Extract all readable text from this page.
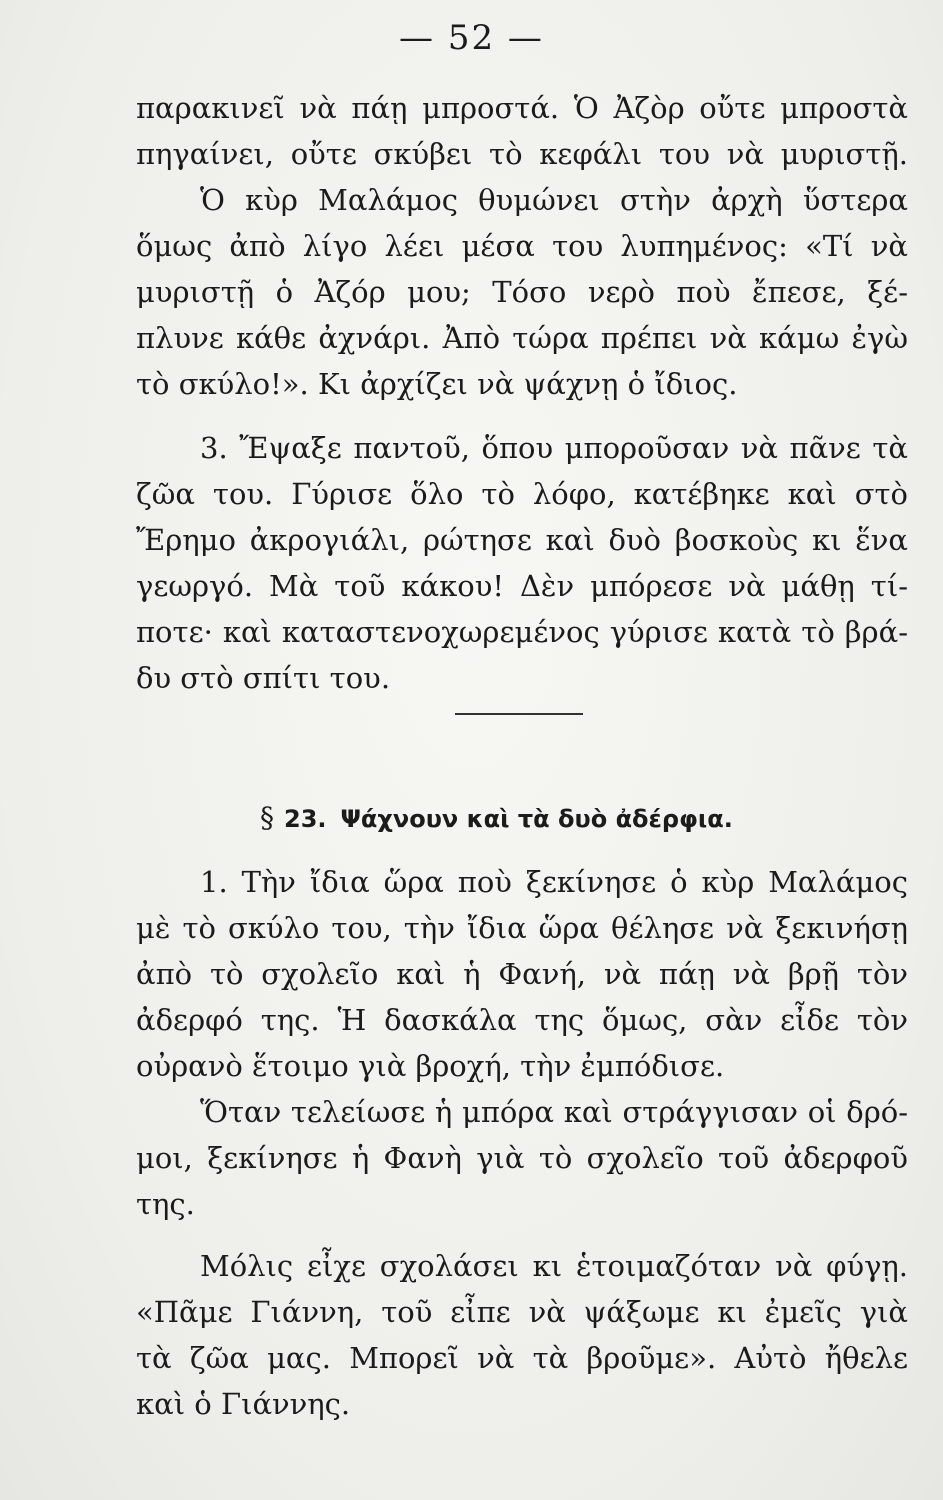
— 52 —
παρακινεῖ νὰ πάῃ μπροστά. Ὁ Ἀζὸρ οὔτε μπροστὰ
πηγαίνει, οὔτε σκύβει τὸ κεφάλι του νὰ μυριστῇ.
Ὁ κὺρ Μαλάμος θυμώνει στὴν ἀρχὴ ὕστερα
ὅμως ἀπὸ λίγο λέει μέσα του λυπημένος: «Τί νὰ
μυριστῇ ὁ Ἀζόρ μου; Τόσο νερὸ ποὺ ἔπεσε, ξέ-
πλυνε κάθε ἀχνάρι. Ἀπὸ τώρα πρέπει νὰ κάμω ἐγὼ
τὸ σκύλο!». Κι ἀρχίζει νὰ ψάχνῃ ὁ ἴδιος.
3. Ἔψαξε παντοῦ, ὅπου μποροῦσαν νὰ πᾶνε τὰ
ζῶα του. Γύρισε ὅλο τὸ λόφο, κατέβηκε καὶ στὸ
Ἔρημο ἀκρογιάλι, ρώτησε καὶ δυὸ βοσκοὺς κι ἕνα
γεωργό. Μὰ τοῦ κάκου! Δὲν μπόρεσε νὰ μάθῃ τί-
ποτε· καὶ καταστενοχωρεμένος γύρισε κατὰ τὸ βρά-
δυ στὸ σπίτι του.
§ 23. Ψάχνουν καὶ τὰ δυὸ ἀδέρφια.
1. Τὴν ἴδια ὥρα ποὺ ξεκίνησε ὁ κὺρ Μαλάμος
μὲ τὸ σκύλο του, τὴν ἴδια ὥρα θέλησε νὰ ξεκινήσῃ
ἀπὸ τὸ σχολεῖο καὶ ἡ Φανή, νὰ πάῃ νὰ βρῇ τὸν
ἀδερφό της. Ἡ δασκάλα της ὅμως, σὰν εἶδε τὸν
οὐρανὸ ἕτοιμο γιὰ βροχή, τὴν ἐμπόδισε.
Ὅταν τελείωσε ἡ μπόρα καὶ στράγγισαν οἱ δρό-
μοι, ξεκίνησε ἡ Φανὴ γιὰ τὸ σχολεῖο τοῦ ἀδερφοῦ
της.
Μόλις εἶχε σχολάσει κι ἑτοιμαζόταν νὰ φύγῃ.
«Πᾶμε Γιάννη, τοῦ εἶπε νὰ ψάξωμε κι ἐμεῖς γιὰ
τὰ ζῶα μας. Μπορεῖ νὰ τὰ βροῦμε». Αὐτὸ ἤθελε
καὶ ὁ Γιάννης.
